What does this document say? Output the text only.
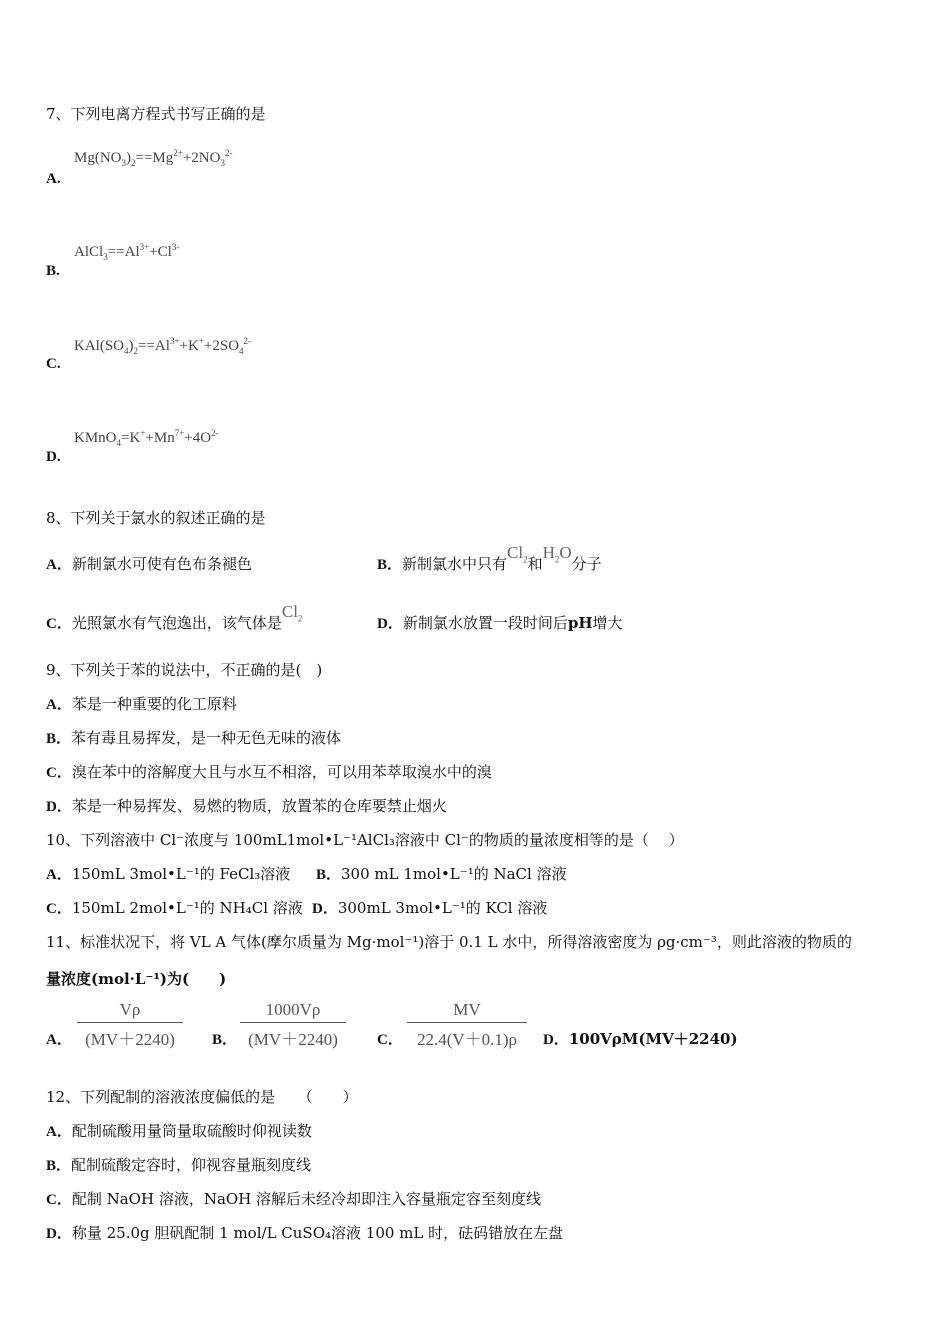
7、下列电离方程式书写正确的是
$Mg(NO_3)_2==Mg^{2+}+2NO_3^{2-}$
A.
$AlCl_3==Al^{3+}+Cl^{3-}$
B.
$KAl(SO_4)_2==Al^{3+}+K^++2SO_4^{2-}$
C.
$KMnO_4=K^++Mn^{7+}+4O^{2-}$
D.
8、下列关于氯水的叙述正确的是
A．新制氯水可使有色布条褪色	B．新制氯水中只有$Cl_2$和$H_2O$分子
C．光照氯水有气泡逸出，该气体是$Cl_2$	D．新制氯水放置一段时间后pH增大
9、下列关于苯的说法中，不正确的是(　)
A．苯是一种重要的化工原料
B．苯有毒且易挥发，是一种无色无味的液体
C．溴在苯中的溶解度大且与水互不相溶，可以用苯萃取溴水中的溴
D．苯是一种易挥发、易燃的物质，放置苯的仓库要禁止烟火
10、下列溶液中 Cl⁻浓度与 100mL1mol•L⁻¹AlCl₃溶液中 Cl⁻的物质的量浓度相等的是（　 ）
A．150mL 3mol•L⁻¹的 FeCl₃溶液 B．300 mL 1mol•L⁻¹的 NaCl 溶液
C．150mL 2mol•L⁻¹的 NH₄Cl 溶液 D．300mL 3mol•L⁻¹的 KCl 溶液
11、标准状况下，将 VL A 气体(摩尔质量为 Mg·mol⁻¹)溶于 0.1 L 水中，所得溶液密度为 ρg·cm⁻³，则此溶液的物质的
量浓度(mol·L⁻¹)为(　　)
A．
Vρ
(MV＋2240)	B．
1000Vρ
(MV＋2240)	C．
MV
22.4(V＋0.1)ρ	D．100VρM(MV＋2240)
12、下列配制的溶液浓度偏低的是　　（　　）
A．配制硫酸用量筒量取硫酸时仰视读数
B．配制硫酸定容时，仰视容量瓶刻度线
C．配制 NaOH 溶液，NaOH 溶解后未经冷却即注入容量瓶定容至刻度线
D．称量 25.0g 胆矾配制 1 mol/L CuSO₄溶液 100 mL 时，砝码错放在左盘
